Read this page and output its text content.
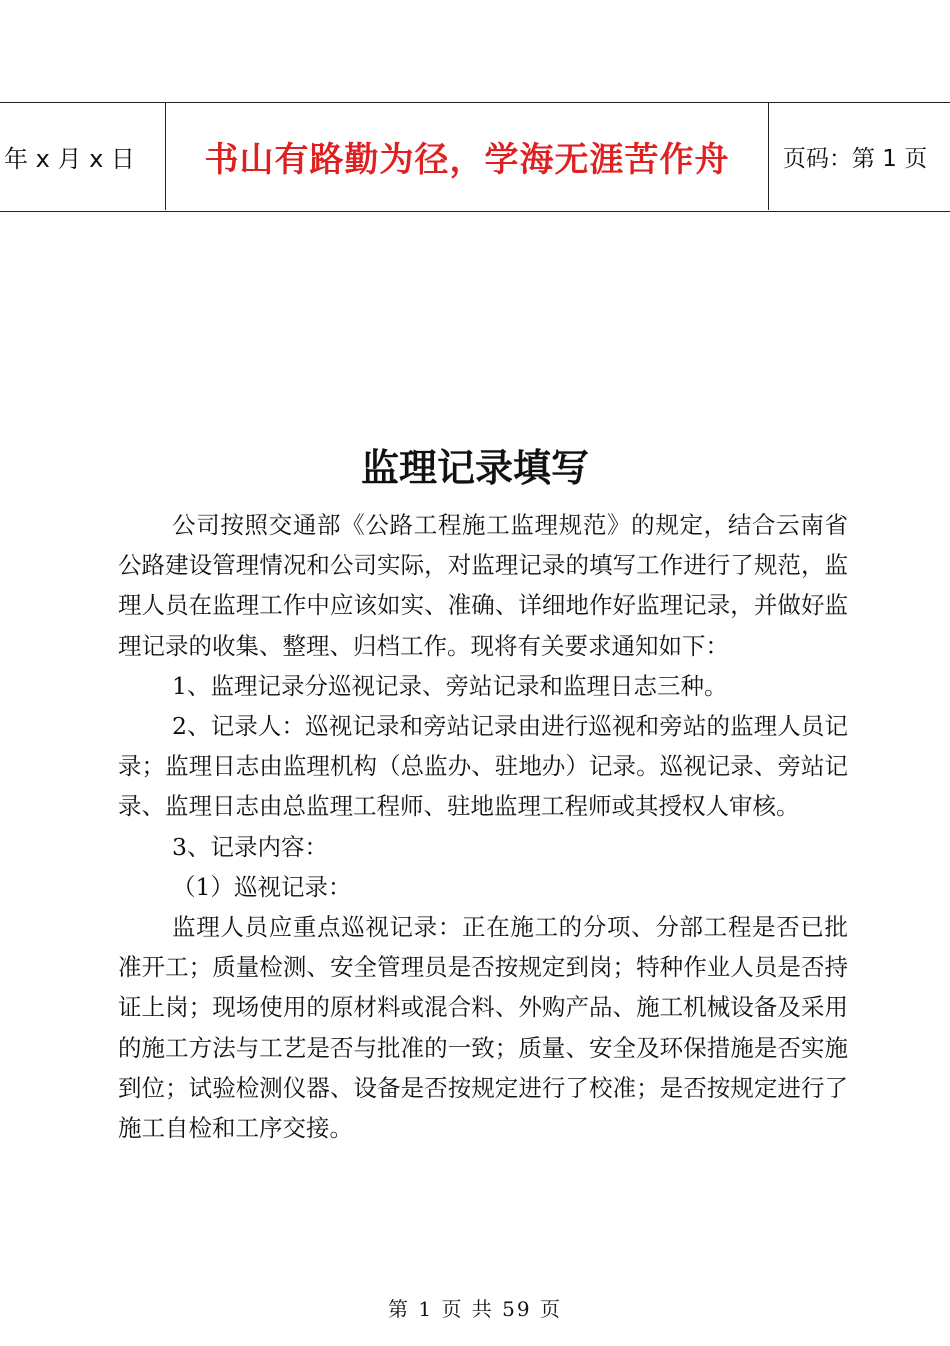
年 x 月 x 日	书山有路勤为径，学海无涯苦作舟	页码：第 1 页
监理记录填写

公司按照交通部《公路工程施工监理规范》的规定，结合云南省公路建设管理情况和公司实际，对监理记录的填写工作进行了规范，监理人员在监理工作中应该如实、准确、详细地作好监理记录，并做好监理记录的收集、整理、归档工作。现将有关要求通知如下：

1、监理记录分巡视记录、旁站记录和监理日志三种。

2、记录人：巡视记录和旁站记录由进行巡视和旁站的监理人员记录；监理日志由监理机构（总监办、驻地办）记录。巡视记录、旁站记录、监理日志由总监理工程师、驻地监理工程师或其授权人审核。

3、记录内容：

（1）巡视记录：

监理人员应重点巡视记录：正在施工的分项、分部工程是否已批准开工；质量检测、安全管理员是否按规定到岗；特种作业人员是否持证上岗；现场使用的原材料或混合料、外购产品、施工机械设备及采用的施工方法与工艺是否与批准的一致；质量、安全及环保措施是否实施到位；试验检测仪器、设备是否按规定进行了校准；是否按规定进行了施工自检和工序交接。

第 1 页 共 59 页
